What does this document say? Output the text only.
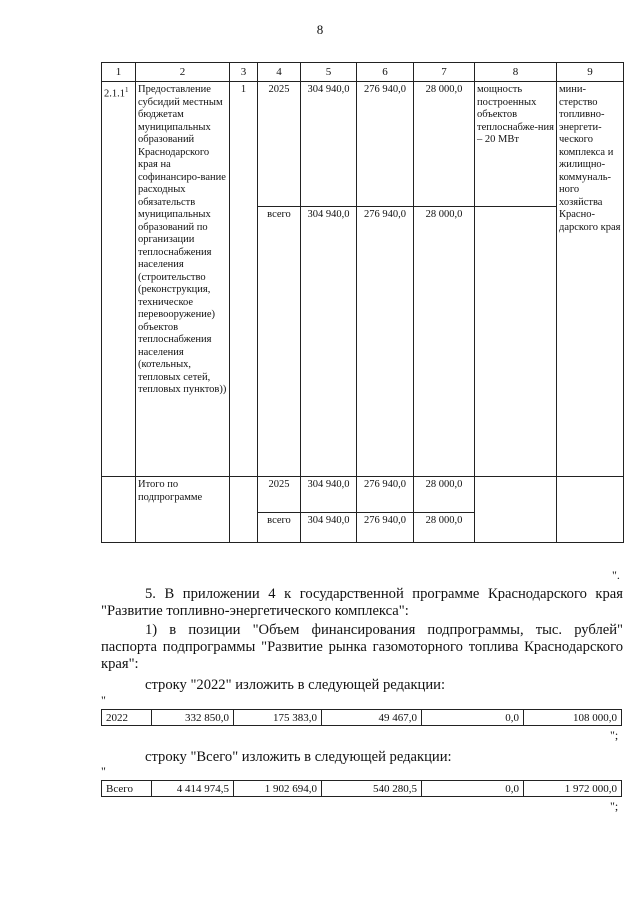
8
1	2	3	4	5	6	7	8	9
2.1.1$^1$	Предоставление субсидий местным бюджетам муниципальных образований Краснодарского края на софинансиро-вание расходных обязательств муниципальных образований по организации теплоснабжения населения (строительство (реконструкция, техническое перевооружение) объектов теплоснабжения населения (котельных, тепловых сетей, тепловых пунктов))	1	2025	304 940,0	276 940,0	28 000,0	мощность построенных объектов теплоснабже-ния – 20 МВт	мини-стерство топливно-энергети-ческого комплекса и жилищно-коммуналь-ного хозяйства Красно-дарского края
			всего	304 940,0	276 940,0	28 000,0		
	Итого по подпрограмме		2025	304 940,0	276 940,0	28 000,0		
			всего	304 940,0	276 940,0	28 000,0		
".
5. В приложении 4 к государственной программе Краснодарского края "Развитие топливно-энергетического комплекса":
1) в позиции "Объем финансирования подпрограммы, тыс. рублей" паспорта подпрограммы "Развитие рынка газомоторного топлива Краснодарского края":
строку "2022" изложить в следующей редакции:
"
2022	332 850,0	175 383,0	49 467,0	0,0	108 000,0
";
строку "Всего" изложить в следующей редакции:
"
Всего	4 414 974,5	1 902 694,0	540 280,5	0,0	1 972 000,0
";
